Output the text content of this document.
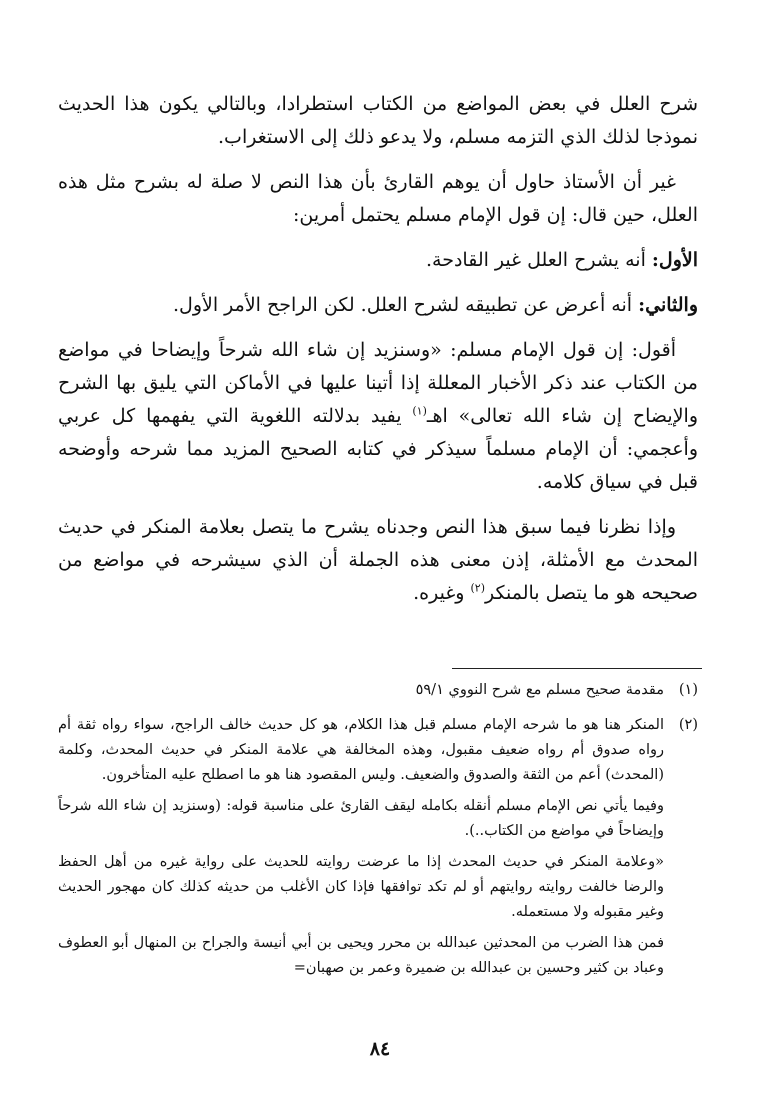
شرح العلل في بعض المواضع من الكتاب استطرادا، وبالتالي يكون هذا الحديث نموذجا لذلك الذي التزمه مسلم، ولا يدعو ذلك إلى الاستغراب.

غير أن الأستاذ حاول أن يوهم القارئ بأن هذا النص لا صلة له بشرح مثل هذه العلل، حين قال: إن قول الإمام مسلم يحتمل أمرين:

الأول: أنه يشرح العلل غير القادحة.

والثاني: أنه أعرض عن تطبيقه لشرح العلل. لكن الراجح الأمر الأول.

أقول: إن قول الإمام مسلم: «وسنزيد إن شاء الله شرحاً وإيضاحا في مواضع من الكتاب عند ذكر الأخبار المعللة إذا أتينا عليها في الأماكن التي يليق بها الشرح والإيضاح إن شاء الله تعالى» اهـ$^{(١)}$ يفيد بدلالته اللغوية التي يفهمها كل عربي وأعجمي: أن الإمام مسلماً سيذكر في كتابه الصحيح المزيد مما شرحه وأوضحه قبل في سياق كلامه.

وإذا نظرنا فيما سبق هذا النص وجدناه يشرح ما يتصل بعلامة المنكر في حديث المحدث مع الأمثلة، إذن معنى هذه الجملة أن الذي سيشرحه في مواضع من صحيحه هو ما يتصل بالمنكر$^{(٢)}$ وغيره.

(١)

مقدمة صحيح مسلم مع شرح النووي ٥٩/١

(٢)

المنكر هنا هو ما شرحه الإمام مسلم قبل هذا الكلام، هو كل حديث خالف الراجح، سواء رواه ثقة أم رواه صدوق أم رواه ضعيف مقبول، وهذه المخالفة هي علامة المنكر في حديث المحدث، وكلمة (المحدث) أعم من الثقة والصدوق والضعيف. وليس المقصود هنا هو ما اصطلح عليه المتأخرون.

وفيما يأتي نص الإمام مسلم أنقله بكامله ليقف القارئ على مناسبة قوله: (وسنزيد إن شاء الله شرحاً وإيضاحاً في مواضع من الكتاب..).

«وعلامة المنكر في حديث المحدث إذا ما عرضت روايته للحديث على رواية غيره من أهل الحفظ والرضا خالفت روايته روايتهم أو لم تكد توافقها فإذا كان الأغلب من حديثه كذلك كان مهجور الحديث وغير مقبوله ولا مستعمله.

فمن هذا الضرب من المحدثين عبدالله بن محرر ويحيى بن أبي أنيسة والجراح بن المنهال أبو العطوف وعباد بن كثير وحسين بن عبدالله بن ضميرة وعمر بن صهبان=

٨٤
